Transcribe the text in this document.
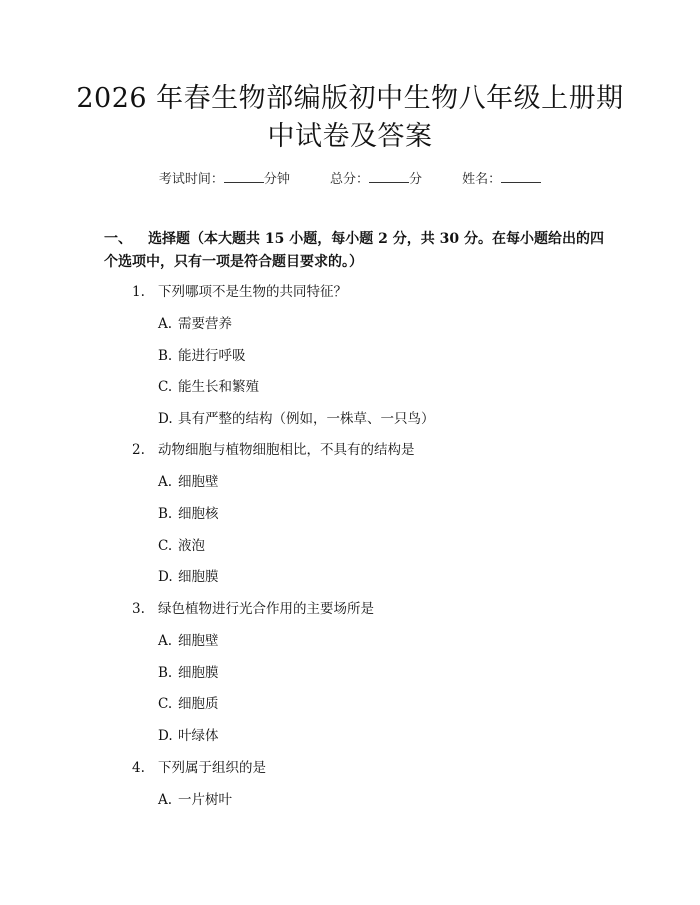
2026 年春生物部编版初中生物八年级上册期
中试卷及答案
考试时间：	分钟	总分：	分	姓名：
一、 选择题（本大题共 15 小题，每小题 2 分，共 30 分。在每小题给出的四个选项中，只有一项是符合题目要求的。）
1. 下列哪项不是生物的共同特征？
A. 需要营养
B. 能进行呼吸
C. 能生长和繁殖
D. 具有严整的结构（例如，一株草、一只鸟）
2. 动物细胞与植物细胞相比，不具有的结构是
A. 细胞壁
B. 细胞核
C. 液泡
D. 细胞膜
3. 绿色植物进行光合作用的主要场所是
A. 细胞壁
B. 细胞膜
C. 细胞质
D. 叶绿体
4. 下列属于组织的是
A. 一片树叶
